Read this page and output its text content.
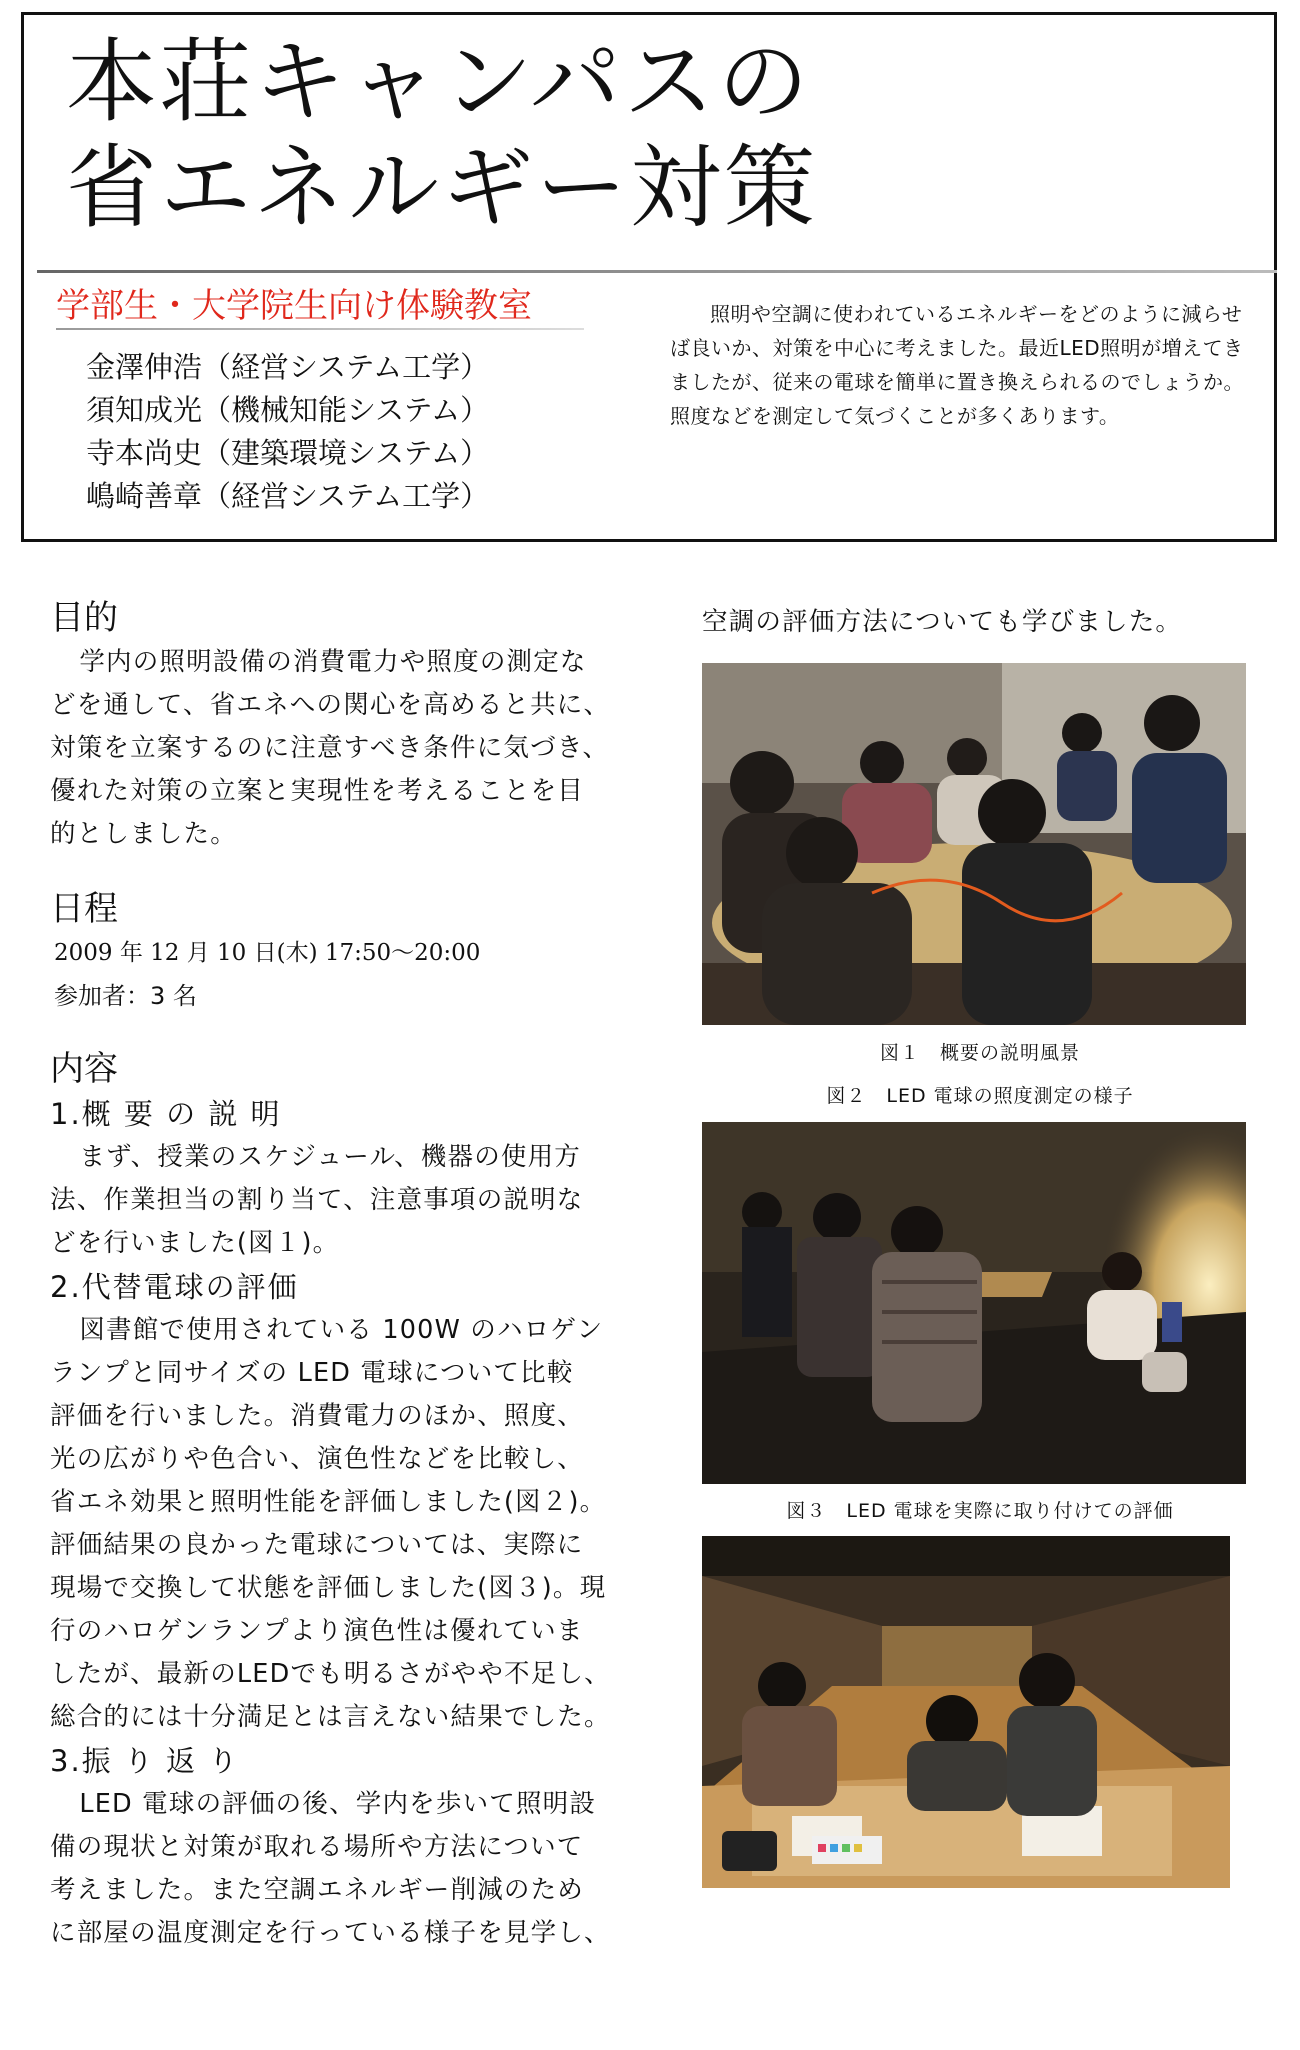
本荘キャンパスの
省エネルギー対策
学部生・大学院生向け体験教室
金澤伸浩（経営システム工学）
須知成光（機械知能システム）
寺本尚史（建築環境システム）
嶋崎善章（経営システム工学）

照明や空調に使われているエネルギーをどのように減らせば良いか、対策を中心に考えました。最近LED照明が増えてきましたが、従来の電球を簡単に置き換えられるのでしょうか。照度などを測定して気づくことが多くあります。

目的

学内の照明設備の消費電力や照度の測定な

どを通して、省エネへの関心を高めると共に、

対策を立案するのに注意すべき条件に気づき、

優れた対策の立案と実現性を考えることを目

的としました。

日程

2009 年 12 月 10 日(木) 17:50～20:00

参加者：3 名

内容
1.概 要 の 説 明

まず、授業のスケジュール、機器の使用方

法、作業担当の割り当て、注意事項の説明な

どを行いました(図１)。

2.代替電球の評価

図書館で使用されている 100W のハロゲン

ランプと同サイズの LED 電球について比較

評価を行いました。消費電力のほか、照度、

光の広がりや色合い、演色性などを比較し、

省エネ効果と照明性能を評価しました(図２)。

評価結果の良かった電球については、実際に

現場で交換して状態を評価しました(図３)。現

行のハロゲンランプより演色性は優れていま

したが、最新のLEDでも明るさがやや不足し、

総合的には十分満足とは言えない結果でした。

3.振 り 返 り

LED 電球の評価の後、学内を歩いて照明設

備の現状と対策が取れる場所や方法について

考えました。また空調エネルギー削減のため

に部屋の温度測定を行っている様子を見学し、

空調の評価方法についても学びました。
図１　概要の説明風景
図２　LED 電球の照度測定の様子
図３　LED 電球を実際に取り付けての評価
